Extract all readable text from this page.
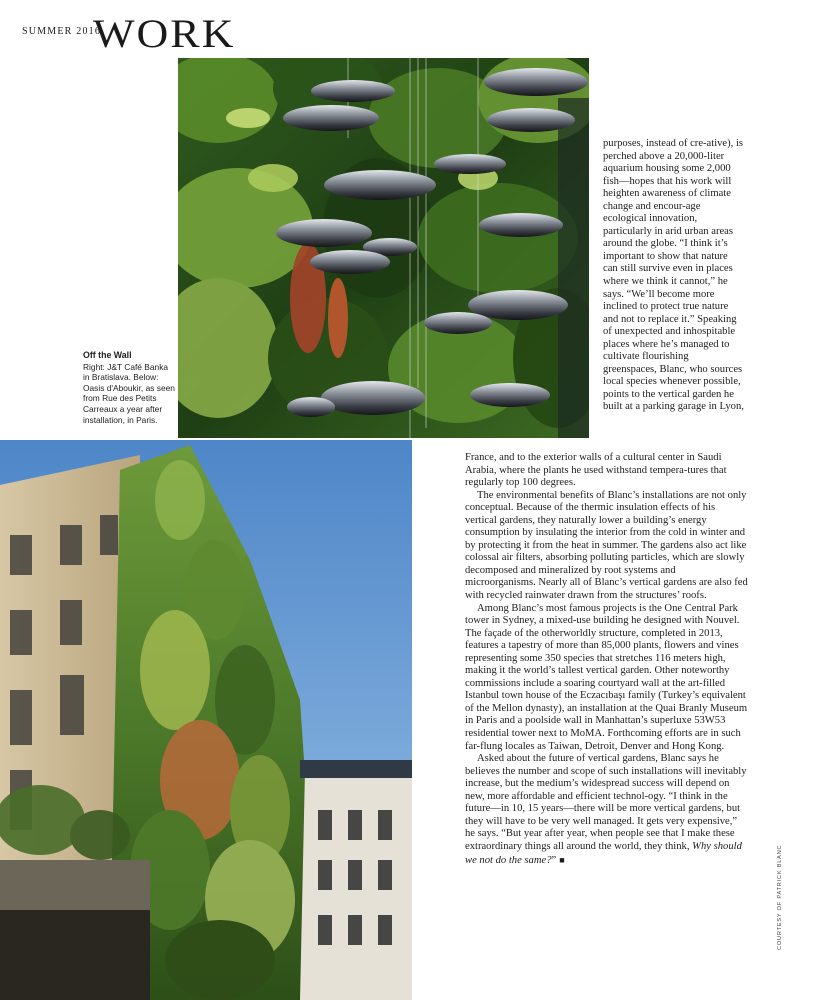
SUMMER 2016
WORK
Off the Wall
Right: J&T Café Banka in Bratislava. Below: Oasis d'Aboukir, as seen from Rue des Petits Carreaux a year after installation, in Paris.
purposes, instead of cre-ative), is perched above a 20,000-liter aquarium housing some 2,000 fish—hopes that his work will heighten awareness of climate change and encour-age ecological innovation, particularly in arid urban areas around the globe. “I think it’s important to show that nature can still survive even in places where we think it cannot,” he says. “We’ll become more inclined to protect true nature and not to replace it.” Speaking of unexpected and inhospitable places where he’s managed to cultivate flourishing greenspaces, Blanc, who sources local species whenever possible, points to the vertical garden he built at a parking garage in Lyon,

France, and to the exterior walls of a cultural center in Saudi Arabia, where the plants he used withstand tempera-tures that regularly top 100 degrees.

The environmental benefits of Blanc’s installations are not only conceptual. Because of the thermic insulation effects of his vertical gardens, they naturally lower a building’s energy consumption by insulating the interior from the cold in winter and by protecting it from the heat in summer. The gardens also act like colossal air filters, absorbing polluting particles, which are slowly decomposed and mineralized by root systems and microorganisms. Nearly all of Blanc’s vertical gardens are also fed with recycled rainwater drawn from the structures’ roofs.

Among Blanc’s most famous projects is the One Central Park tower in Sydney, a mixed-use building he designed with Nouvel. The façade of the otherworldly structure, completed in 2013, features a tapestry of more than 85,000 plants, flowers and vines representing some 350 species that stretches 116 meters high, making it the world’s tallest vertical garden. Other noteworthy commissions include a soaring courtyard wall at the art-filled Istanbul town house of the Eczacıbaşı family (Turkey’s equivalent of the Mellon dynasty), an installation at the Quai Branly Museum in Paris and a poolside wall in Manhattan’s superluxe 53W53 residential tower next to MoMA. Forthcoming efforts are in such far-flung locales as Taiwan, Detroit, Denver and Hong Kong.

Asked about the future of vertical gardens, Blanc says he believes the number and scope of such installations will inevitably increase, but the medium’s widespread success will depend on new, more affordable and efficient technol-ogy. “I think in the future—in 10, 15 years—there will be more vertical gardens, but they will have to be very well managed. It gets very expensive,” he says. “But year after year, when people see that I make these extraordinary things all around the world, they think, Why should we not do the same?” ■	COURTESY OF PATRICK BLANC
